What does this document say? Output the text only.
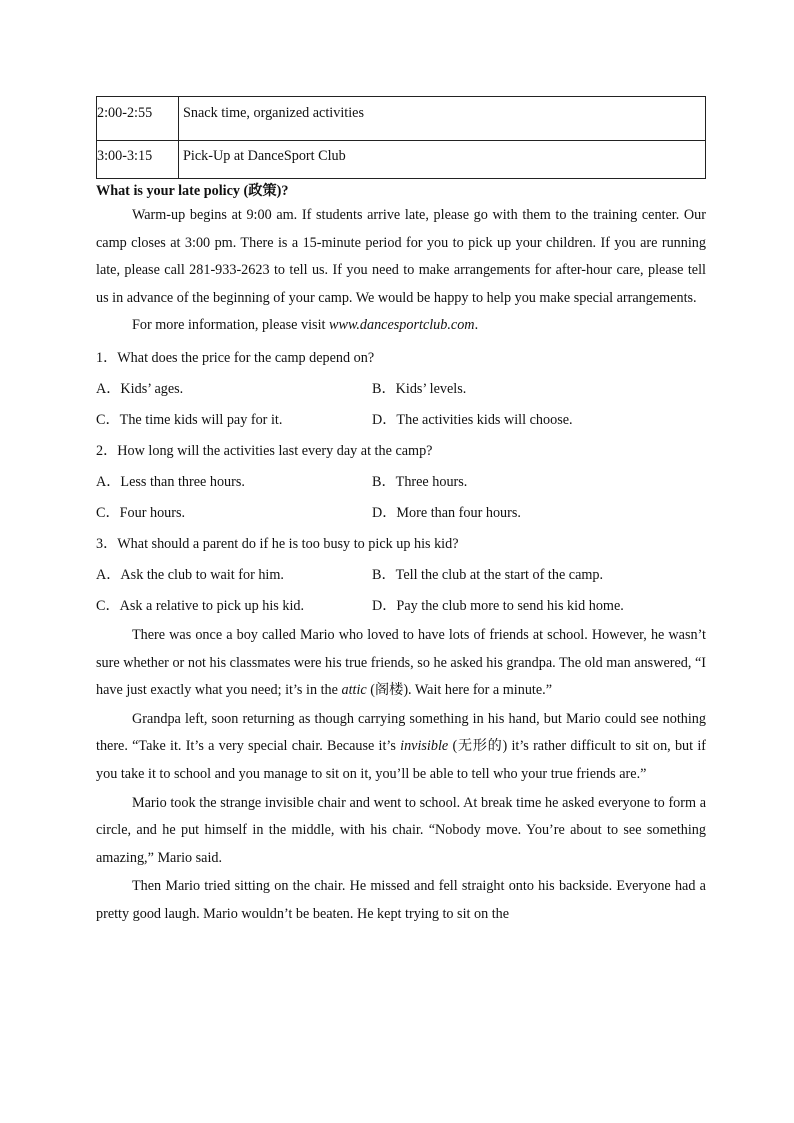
2:00-2:55	Snack time, organized activities
3:00-3:15	Pick-Up at DanceSport Club
What is your late policy (政策)?

Warm-up begins at 9:00 am. If students arrive late, please go with them to the training center. Our camp closes at 3:00 pm. There is a 15-minute period for you to pick up your children. If you are running late, please call 281-933-2623 to tell us. If you need to make arrangements for after-hour care, please tell us in advance of the beginning of your camp. We would be happy to help you make special arrangements.

For more information, please visit www.dancesportclub.com.

1．What does the price for the camp depend on?

A．Kids’ ages.	B．Kids’ levels.
C．The time kids will pay for it.	D．The activities kids will choose.

2．How long will the activities last every day at the camp?

A．Less than three hours.	B．Three hours.
C．Four hours.	D．More than four hours.

3．What should a parent do if he is too busy to pick up his kid?

A．Ask the club to wait for him.	B．Tell the club at the start of the camp.
C．Ask a relative to pick up his kid.	D．Pay the club more to send his kid home.

There was once a boy called Mario who loved to have lots of friends at school. However, he wasn’t sure whether or not his classmates were his true friends, so he asked his grandpa. The old man answered, “I have just exactly what you need; it’s in the attic (阁楼). Wait here for a minute.”

Grandpa left, soon returning as though carrying something in his hand, but Mario could see nothing there. “Take it. It’s a very special chair. Because it’s invisible (无形的) it’s rather difficult to sit on, but if you take it to school and you manage to sit on it, you’ll be able to tell who your true friends are.”

Mario took the strange invisible chair and went to school. At break time he asked everyone to form a circle, and he put himself in the middle, with his chair. “Nobody move. You’re about to see something amazing,” Mario said.

Then Mario tried sitting on the chair. He missed and fell straight onto his backside. Everyone had a pretty good laugh. Mario wouldn’t be beaten. He kept trying to sit on the
